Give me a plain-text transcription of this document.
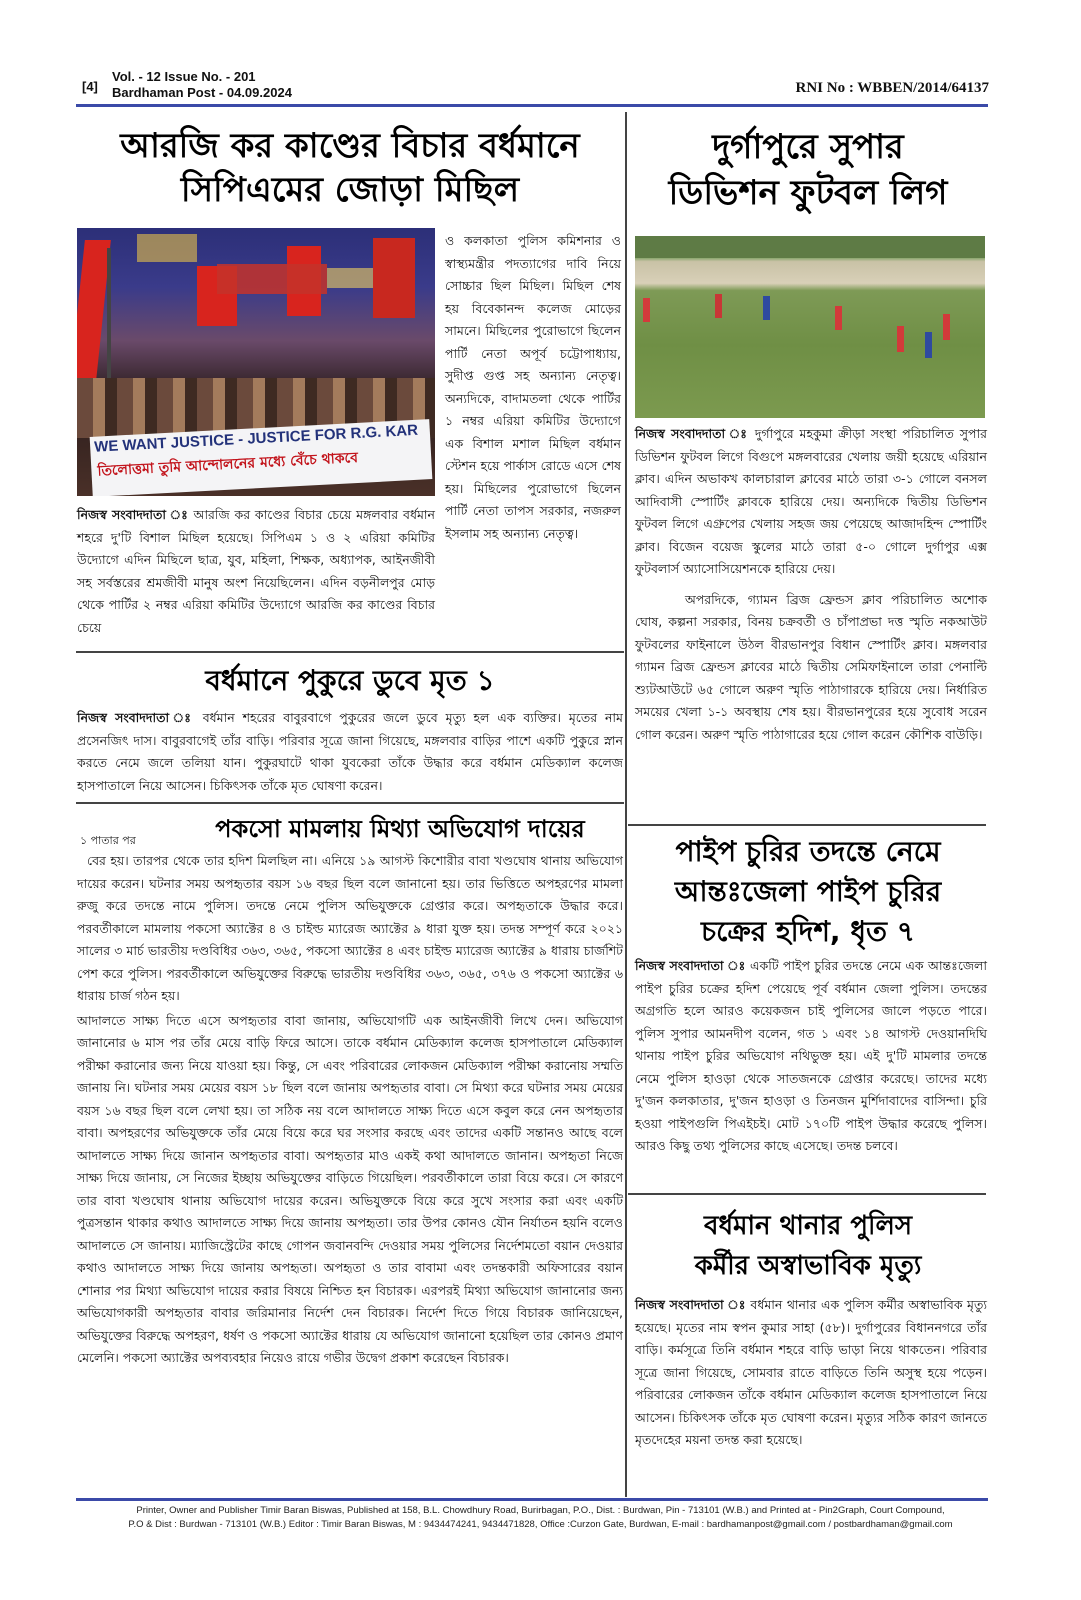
[4]
Vol. - 12 Issue No. - 201
Bardhaman Post - 04.09.2024	RNI No : WBBEN/2014/64137

আরজি কর কাণ্ডের বিচার বর্ধমানে

সিপিএমের জোড়া মিছিল

WE WANT JUSTICE - JUSTICE FOR R.G. KAR
তিলোত্তমা তুমি আন্দোলনের মধ্যে বেঁচে থাকবে

ও কলকাতা পুলিস কমিশনার ও স্বাস্থ্যমন্ত্রীর পদত্যাগের দাবি নিয়ে সোচ্চার ছিল মিছিল। মিছিল শেষ হয় বিবেকানন্দ কলেজ মোড়ের সামনে। মিছিলের পুরোভাগে ছিলেন পার্টি নেতা অপূর্ব চট্টোপাধ্যায়, সুদীপ্ত গুপ্ত সহ অন্যান্য নেতৃত্ব। অন্যদিকে, বাদামতলা থেকে পার্টির ১ নম্বর এরিয়া কমিটির উদ্যোগে এক বিশাল মশাল মিছিল বর্ধমান স্টেশন হয়ে পার্কাস রোডে এসে শেষ হয়। মিছিলের পুরোভাগে ছিলেন পার্টি নেতা তাপস সরকার, নজরুল ইসলাম সহ অন্যান্য নেতৃত্ব।

নিজস্ব সংবাদদাতা ঃ আরজি কর কাণ্ডের বিচার চেয়ে মঙ্গলবার বর্ধমান শহরে দু'টি বিশাল মিছিল হয়েছে। সিপিএম ১ ও ২ এরিয়া কমিটির উদ্যোগে এদিন মিছিলে ছাত্র, যুব, মহিলা, শিক্ষক, অধ্যাপক, আইনজীবী সহ সর্বস্তরের শ্রমজীবী মানুষ অংশ নিয়েছিলেন। এদিন বড়নীলপুর মোড় থেকে পার্টির ২ নম্বর এরিয়া কমিটির উদ্যোগে আরজি কর কাণ্ডের বিচার চেয়ে

দুর্গাপুরে সুপার

ডিভিশন ফুটবল লিগ

নিজস্ব সংবাদদাতা ঃ দুর্গাপুরে মহকুমা ক্রীড়া সংস্থা পরিচালিত সুপার ডিভিশন ফুটবল লিগে বিগুপে মঙ্গলবারের খেলায় জয়ী হয়েছে এরিয়ান ক্লাব। এদিন অভাকখ কালচারাল ক্লাবের মাঠে তারা ৩-১ গোলে বনসল আদিবাসী স্পোর্টিং ক্লাবকে হারিয়ে দেয়। অন্যদিকে দ্বিতীয় ডিভিশন ফুটবল লিগে এগ্রুপের খেলায় সহজ জয় পেয়েছে আজাদহিন্দ স্পোর্টিং ক্লাব। বিজেন বয়েজ স্কুলের মাঠে তারা ৫-০ গোলে দুর্গাপুর এক্স ফুটবলার্স অ্যাসোসিয়েশনকে হারিয়ে দেয়।

অপরদিকে, গ্যামন ব্রিজ ফ্রেন্ডস ক্লাব পরিচালিত অশোক ঘোষ, কল্পনা সরকার, বিনয় চক্রবর্তী ও চাঁপাপ্রভা দত্ত স্মৃতি নকআউট ফুটবলের ফাইনালে উঠল বীরভানপুর বিধান স্পোর্টিং ক্লাব। মঙ্গলবার গ্যামন ব্রিজ ফ্রেন্ডস ক্লাবের মাঠে দ্বিতীয় সেমিফাইনালে তারা পেনাল্টি শ্যুটআউটে ৬৫ গোলে অরুণ স্মৃতি পাঠাগারকে হারিয়ে দেয়। নির্ধারিত সময়ের খেলা ১-১ অবস্থায় শেষ হয়। বীরভানপুরের হয়ে সুবোধ সরেন গোল করেন। অরুণ স্মৃতি পাঠাগারের হয়ে গোল করেন কৌশিক বাউড়ি।

বর্ধমানে পুকুরে ডুবে মৃত ১

নিজস্ব সংবাদদাতা ঃ বর্ধমান শহরের বাবুরবাগে পুকুরের জলে ডুবে মৃত্যু হল এক ব্যক্তির। মৃতের নাম প্রসেনজিৎ দাস। বাবুরবাগেই তাঁর বাড়ি। পরিবার সূত্রে জানা গিয়েছে, মঙ্গলবার বাড়ির পাশে একটি পুকুরে স্নান করতে নেমে জলে তলিয়া যান। পুকুরঘাটে থাকা যুবকেরা তাঁকে উদ্ধার করে বর্ধমান মেডিক্যাল কলেজ হাসপাতালে নিয়ে আসেন। চিকিৎসক তাঁকে মৃত ঘোষণা করেন।

১ পাতার পর	পকসো মামলায় মিথ্যা অভিযোগ দায়ের

বের হয়। তারপর থেকে তার হদিশ মিলছিল না। এনিয়ে ১৯ আগস্ট কিশোরীর বাবা খণ্ডঘোষ থানায় অভিযোগ দায়ের করেন। ঘটনার সময় অপহৃতার বয়স ১৬ বছর ছিল বলে জানানো হয়। তার ভিত্তিতে অপহরণের মামলা রুজু করে তদন্তে নামে পুলিস। তদন্তে নেমে পুলিস অভিযুক্তকে গ্রেপ্তার করে। অপহৃতাকে উদ্ধার করে। পরবর্তীকালে মামলায় পকসো অ্যাক্টের ৪ ও চাইল্ড ম্যারেজ অ্যাক্টের ৯ ধারা যুক্ত হয়। তদন্ত সম্পূর্ণ করে ২০২১ সালের ৩ মার্চ ভারতীয় দণ্ডবিধির ৩৬৩, ৩৬৫, পকসো অ্যাক্টের ৪ এবং চাইল্ড ম্যারেজ অ্যাক্টের ৯ ধারায় চার্জশিট পেশ করে পুলিস। পরবর্তীকালে অভিযুক্তের বিরুদ্ধে ভারতীয় দণ্ডবিধির ৩৬৩, ৩৬৫, ৩৭৬ ও পকসো অ্যাক্টের ৬ ধারায় চার্জ গঠন হয়।

আদালতে সাক্ষ্য দিতে এসে অপহৃতার বাবা জানায়, অভিযোগটি এক আইনজীবী লিখে দেন। অভিযোগ জানানোর ৬ মাস পর তাঁর মেয়ে বাড়ি ফিরে আসে। তাকে বর্ধমান মেডিক্যাল কলেজ হাসপাতালে মেডিক্যাল পরীক্ষা করানোর জন্য নিয়ে যাওয়া হয়। কিন্তু, সে এবং পরিবারের লোকজন মেডিক্যাল পরীক্ষা করানোয় সম্মতি জানায় নি। ঘটনার সময় মেয়ের বয়স ১৮ ছিল বলে জানায় অপহৃতার বাবা। সে মিথ্যা করে ঘটনার সময় মেয়ের বয়স ১৬ বছর ছিল বলে লেখা হয়। তা সঠিক নয় বলে আদালতে সাক্ষ্য দিতে এসে কবুল করে নেন অপহৃতার বাবা। অপহরণের অভিযুক্তকে তাঁর মেয়ে বিয়ে করে ঘর সংসার করছে এবং তাদের একটি সন্তানও আছে বলে আদালতে সাক্ষ্য দিয়ে জানান অপহৃতার বাবা। অপহৃতার মাও একই কথা আদালতে জানান। অপহৃতা নিজে সাক্ষ্য দিয়ে জানায়, সে নিজের ইচ্ছায় অভিযুক্তের বাড়িতে গিয়েছিল। পরবর্তীকালে তারা বিয়ে করে। সে কারণে তার বাবা খণ্ডঘোষ থানায় অভিযোগ দায়ের করেন। অভিযুক্তকে বিয়ে করে সুখে সংসার করা এবং একটি পুত্রসন্তান থাকার কথাও আদালতে সাক্ষ্য দিয়ে জানায় অপহৃতা। তার উপর কোনও যৌন নির্যাতন হয়নি বলেও আদালতে সে জানায়। ম্যাজিস্ট্রেটের কাছে গোপন জবানবন্দি দেওয়ার সময় পুলিসের নির্দেশমতো বয়ান দেওয়ার কথাও আদালতে সাক্ষ্য দিয়ে জানায় অপহৃতা। অপহৃতা ও তার বাবামা এবং তদন্তকারী অফিসারের বয়ান শোনার পর মিথ্যা অভিযোগ দায়ের করার বিষয়ে নিশ্চিত হন বিচারক। এরপরই মিথ্যা অভিযোগ জানানোর জন্য অভিযোগকারী অপহৃতার বাবার জরিমানার নির্দেশ দেন বিচারক। নির্দেশ দিতে গিয়ে বিচারক জানিয়েছেন, অভিযুক্তের বিরুদ্ধে অপহরণ, ধর্ষণ ও পকসো অ্যাক্টের ধারায় যে অভিযোগ জানানো হয়েছিল তার কোনও প্রমাণ মেলেনি। পকসো অ্যাক্টের অপব্যবহার নিয়েও রায়ে গভীর উদ্বেগ প্রকাশ করেছেন বিচারক।

পাইপ চুরির তদন্তে নেমে

আন্তঃজেলা পাইপ চুরির

চক্রের হদিশ, ধৃত ৭

নিজস্ব সংবাদদাতা ঃ একটি পাইপ চুরির তদন্তে নেমে এক আন্তঃজেলা পাইপ চুরির চক্রের হদিশ পেয়েছে পূর্ব বর্ধমান জেলা পুলিস। তদন্তের অগ্রগতি হলে আরও কয়েকজন চাই পুলিসের জালে পড়তে পারে। পুলিস সুপার আমনদীপ বলেন, গত ১ এবং ১৪ আগস্ট দেওয়ানদিঘি থানায় পাইপ চুরির অভিযোগ নথিভুক্ত হয়। এই দু'টি মামলার তদন্তে নেমে পুলিস হাওড়া থেকে সাতজনকে গ্রেপ্তার করেছে। তাদের মধ্যে দু'জন কলকাতার, দু'জন হাওড়া ও তিনজন মুর্শিদাবাদের বাসিন্দা। চুরি হওয়া পাইপগুলি পিএইচই। মোট ১৭০টি পাইপ উদ্ধার করেছে পুলিস। আরও কিছু তথ্য পুলিসের কাছে এসেছে। তদন্ত চলবে।

বর্ধমান থানার পুলিস

কর্মীর অস্বাভাবিক মৃত্যু

নিজস্ব সংবাদদাতা ঃ বর্ধমান থানার এক পুলিস কর্মীর অস্বাভাবিক মৃত্যু হয়েছে। মৃতের নাম স্বপন কুমার সাহা (৫৮)। দুর্গাপুরের বিধাননগরে তাঁর বাড়ি। কর্মসূত্রে তিনি বর্ধমান শহরে বাড়ি ভাড়া নিয়ে থাকতেন। পরিবার সূত্রে জানা গিয়েছে, সোমবার রাতে বাড়িতে তিনি অসুস্থ হয়ে পড়েন। পরিবারের লোকজন তাঁকে বর্ধমান মেডিক্যাল কলেজ হাসপাতালে নিয়ে আসেন। চিকিৎসক তাঁকে মৃত ঘোষণা করেন। মৃত্যুর সঠিক কারণ জানতে মৃতদেহের ময়না তদন্ত করা হয়েছে।

Printer, Owner and Publisher Timir Baran Biswas, Published at 158, B.L. Chowdhury Road, Burirbagan, P.O., Dist. : Burdwan, Pin - 713101 (W.B.) and Printed at - Pin2Graph, Court Compound,
P.O & Dist : Burdwan - 713101 (W.B.) Editor : Timir Baran Biswas, M : 9434474241, 9434471828, Office :Curzon Gate, Burdwan, E-mail : bardhamanpost@gmail.com / postbardhaman@gmail.com
